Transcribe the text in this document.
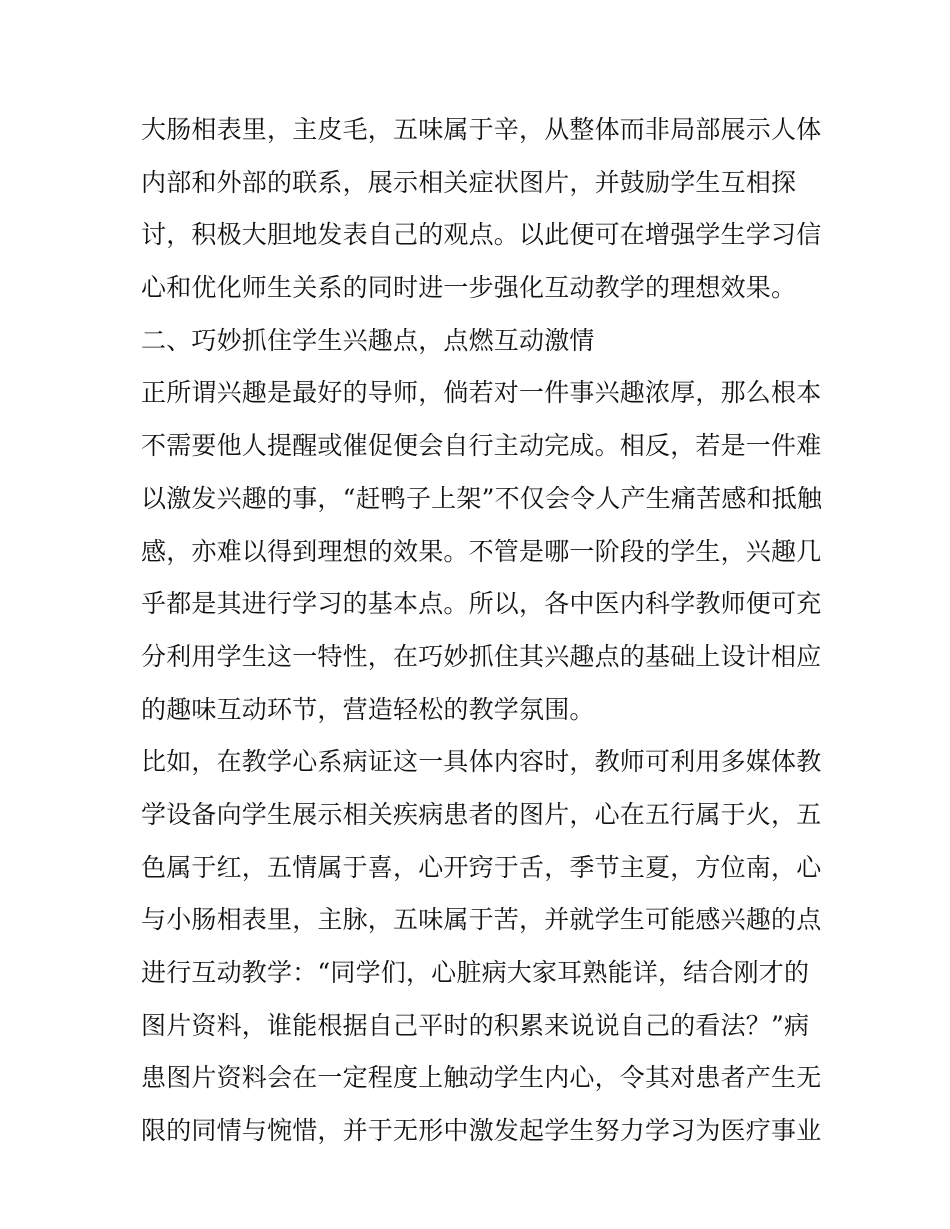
大肠相表里，主皮毛，五味属于辛，从整体而非局部展示人体
内部和外部的联系，展示相关症状图片，并鼓励学生互相探
讨，积极大胆地发表自己的观点。以此便可在增强学生学习信
心和优化师生关系的同时进一步强化互动教学的理想效果。
二、巧妙抓住学生兴趣点，点燃互动激情
正所谓兴趣是最好的导师，倘若对一件事兴趣浓厚，那么根本
不需要他人提醒或催促便会自行主动完成。相反，若是一件难
以激发兴趣的事，“赶鸭子上架”不仅会令人产生痛苦感和抵触
感，亦难以得到理想的效果。不管是哪一阶段的学生，兴趣几
乎都是其进行学习的基本点。所以，各中医内科学教师便可充
分利用学生这一特性，在巧妙抓住其兴趣点的基础上设计相应
的趣味互动环节，营造轻松的教学氛围。
比如，在教学心系病证这一具体内容时，教师可利用多媒体教
学设备向学生展示相关疾病患者的图片，心在五行属于火，五
色属于红，五情属于喜，心开窍于舌，季节主夏，方位南，心
与小肠相表里，主脉，五味属于苦，并就学生可能感兴趣的点
进行互动教学：“同学们，心脏病大家耳熟能详，结合刚才的
图片资料，谁能根据自己平时的积累来说说自己的看法？”病
患图片资料会在一定程度上触动学生内心，令其对患者产生无
限的同情与惋惜，并于无形中激发起学生努力学习为医疗事业
